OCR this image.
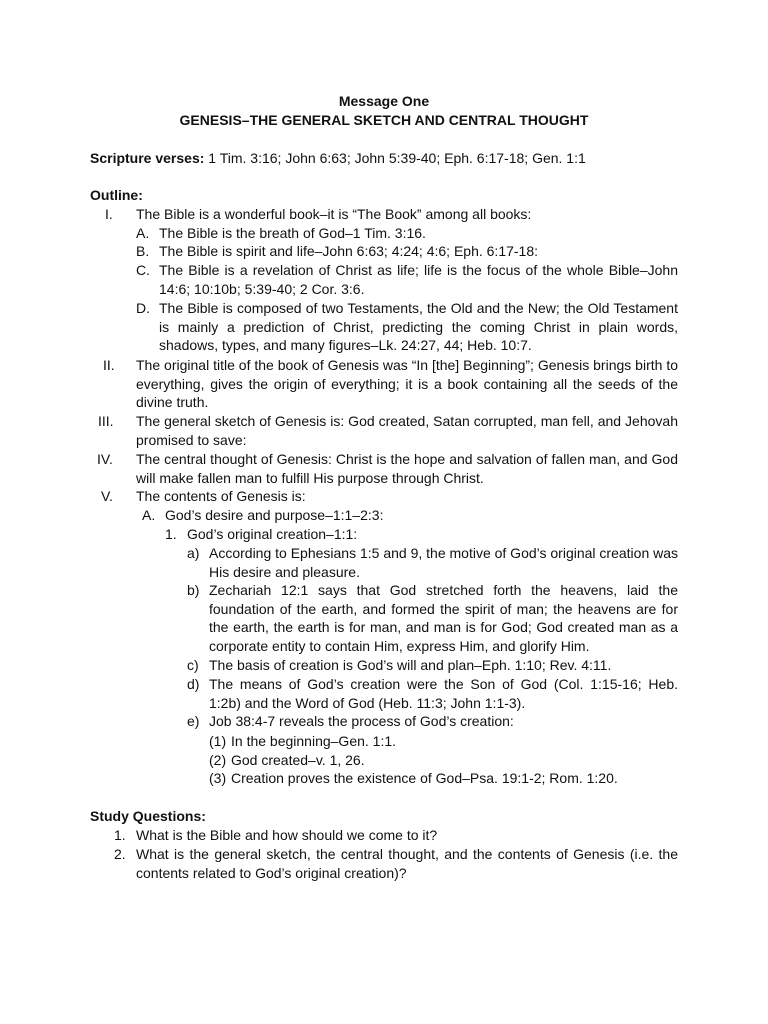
Message One
GENESIS–THE GENERAL SKETCH AND CENTRAL THOUGHT
Scripture verses: 1 Tim. 3:16; John 6:63; John 5:39-40; Eph. 6:17-18; Gen. 1:1
Outline:
I. The Bible is a wonderful book–it is “The Book” among all books:
A. The Bible is the breath of God–1 Tim. 3:16.
B. The Bible is spirit and life–John 6:63; 4:24; 4:6; Eph. 6:17-18:
C. The Bible is a revelation of Christ as life; life is the focus of the whole Bible–John 14:6; 10:10b; 5:39-40; 2 Cor. 3:6.
D. The Bible is composed of two Testaments, the Old and the New; the Old Testament is mainly a prediction of Christ, predicting the coming Christ in plain words, shadows, types, and many figures–Lk. 24:27, 44; Heb. 10:7.
II. The original title of the book of Genesis was “In [the] Beginning”; Genesis brings birth to everything, gives the origin of everything; it is a book containing all the seeds of the divine truth.
III. The general sketch of Genesis is: God created, Satan corrupted, man fell, and Jehovah promised to save:
IV. The central thought of Genesis: Christ is the hope and salvation of fallen man, and God will make fallen man to fulfill His purpose through Christ.
V. The contents of Genesis is:
A. God’s desire and purpose–1:1–2:3:
1. God’s original creation–1:1:
a) According to Ephesians 1:5 and 9, the motive of God’s original creation was His desire and pleasure.
b) Zechariah 12:1 says that God stretched forth the heavens, laid the foundation of the earth, and formed the spirit of man; the heavens are for the earth, the earth is for man, and man is for God; God created man as a corporate entity to contain Him, express Him, and glorify Him.
c) The basis of creation is God’s will and plan–Eph. 1:10; Rev. 4:11.
d) The means of God’s creation were the Son of God (Col. 1:15-16; Heb. 1:2b) and the Word of God (Heb. 11:3; John 1:1-3).
e) Job 38:4-7 reveals the process of God’s creation:
(1) In the beginning–Gen. 1:1.
(2) God created–v. 1, 26.
(3) Creation proves the existence of God–Psa. 19:1-2; Rom. 1:20.
Study Questions:
1. What is the Bible and how should we come to it?
2. What is the general sketch, the central thought, and the contents of Genesis (i.e. the contents related to God’s original creation)?
